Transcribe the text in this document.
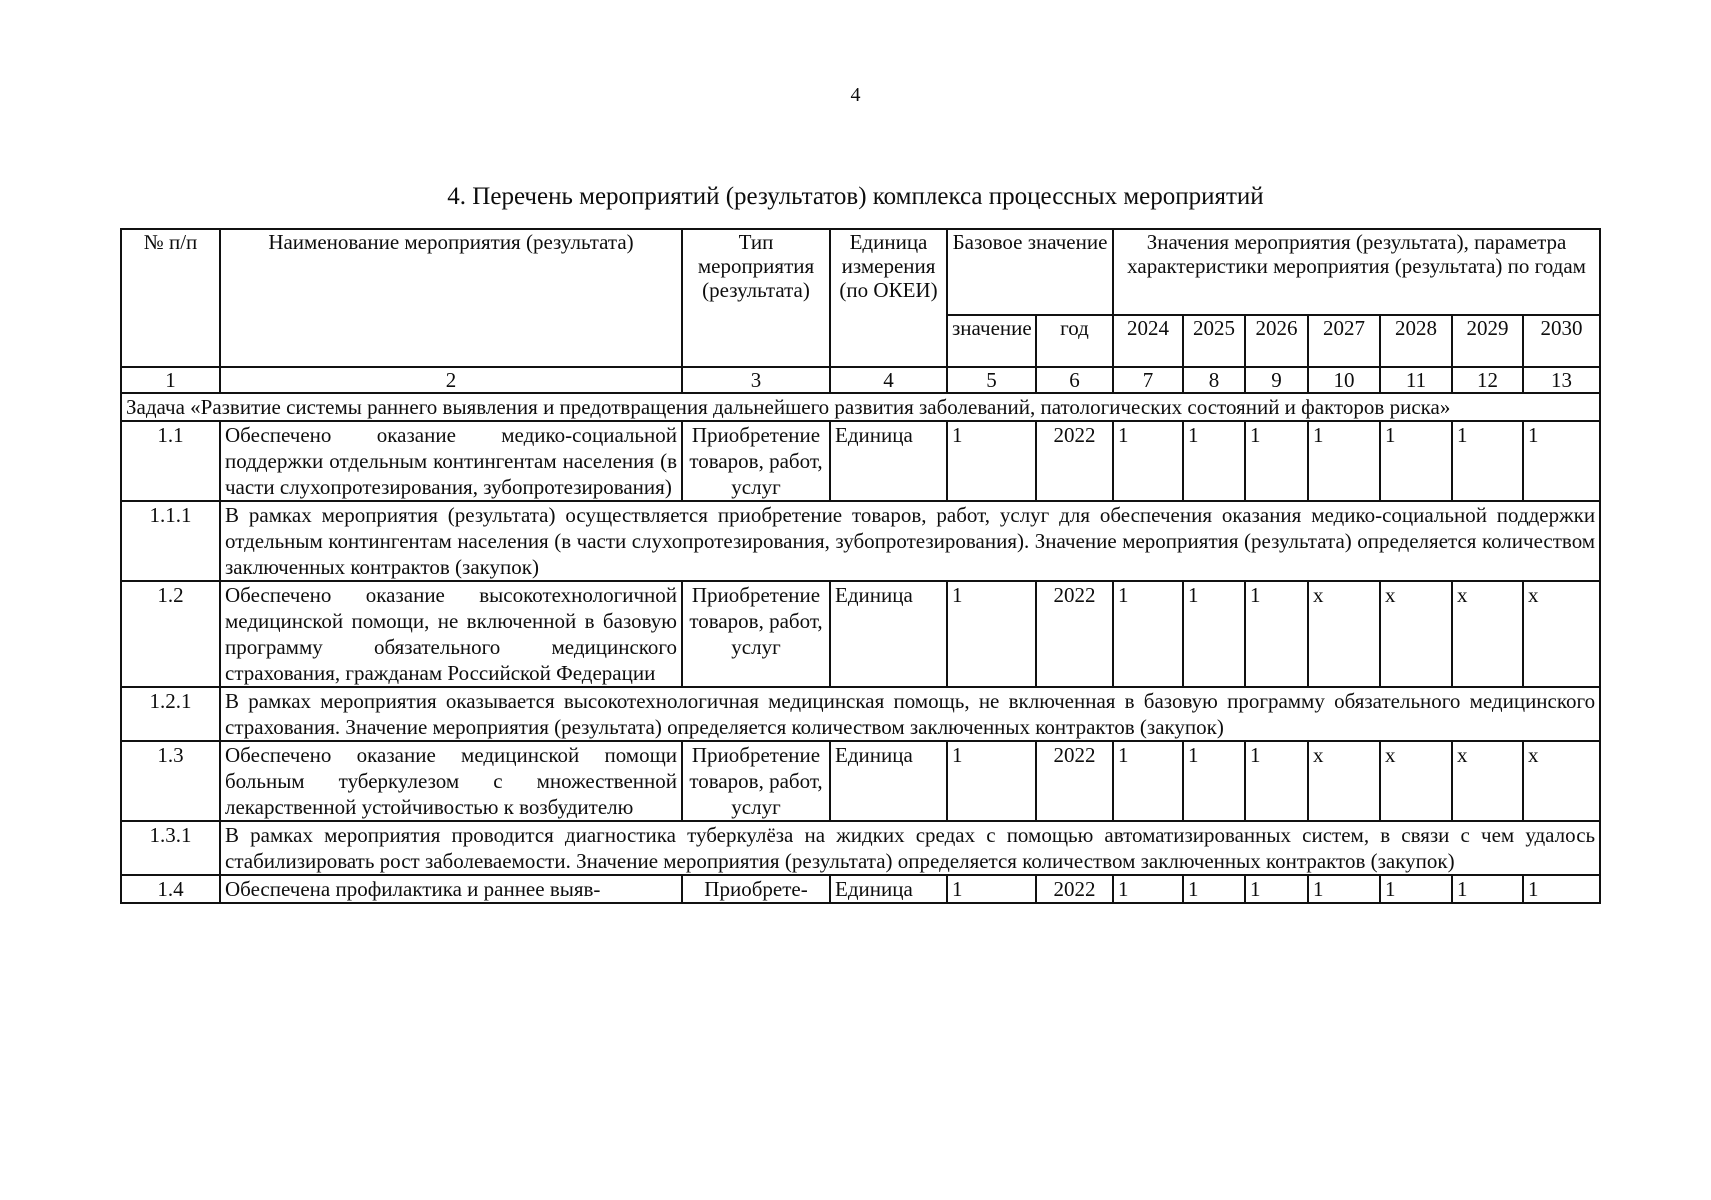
4
4. Перечень мероприятий (результатов) комплекса процессных мероприятий
№ п/п	Наименование мероприятия (результата)	Тип мероприятия (результата)	Единица измерения (по ОКЕИ)	Базовое значение		Значения мероприятия (результата), параметра характеристики мероприятия (результата) по годам						
				значение	год	2024	2025	2026	2027	2028	2029	2030
1	2	3	4	5	6	7	8	9	10	11	12	13
Задача «Развитие системы раннего выявления и предотвращения дальнейшего развития заболеваний, патологических состояний и факторов риска»												
1.1	Обеспечено оказание медико-социальной поддержки отдельным контингентам населения (в части слухопротезирования, зубопротезирования)	Приобретение товаров, работ, услуг	Единица	1	2022	1	1	1	1	1	1	1
1.1.1	В рамках мероприятия (результата) осуществляется приобретение товаров, работ, услуг для обеспечения оказания медико-социальной поддержки отдельным контингентам населения (в части слухопротезирования, зубопротезирования). Значение мероприятия (результата) определяется количеством заключенных контрактов (закупок)											
1.2	Обеспечено оказание высокотехнологичной медицинской помощи, не включенной в базовую программу обязательного медицинского страхования, гражданам Российской Федерации	Приобретение товаров, работ, услуг	Единица	1	2022	1	1	1	x	x	x	x
1.2.1	В рамках мероприятия оказывается высокотехнологичная медицинская помощь, не включенная в базовую программу обязательного медицинского страхования. Значение мероприятия (результата) определяется количеством заключенных контрактов (закупок)											
1.3	Обеспечено оказание медицинской помощи больным туберкулезом с множественной лекарственной устойчивостью к возбудителю	Приобретение товаров, работ, услуг	Единица	1	2022	1	1	1	x	x	x	x
1.3.1	В рамках мероприятия проводится диагностика туберкулёза на жидких средах с помощью автоматизированных систем, в связи с чем удалось стабилизировать рост заболеваемости. Значение мероприятия (результата) определяется количеством заключенных контрактов (закупок)											
1.4	Обеспечена профилактика и раннее выяв-	Приобрете-	Единица	1	2022	1	1	1	1	1	1	1
